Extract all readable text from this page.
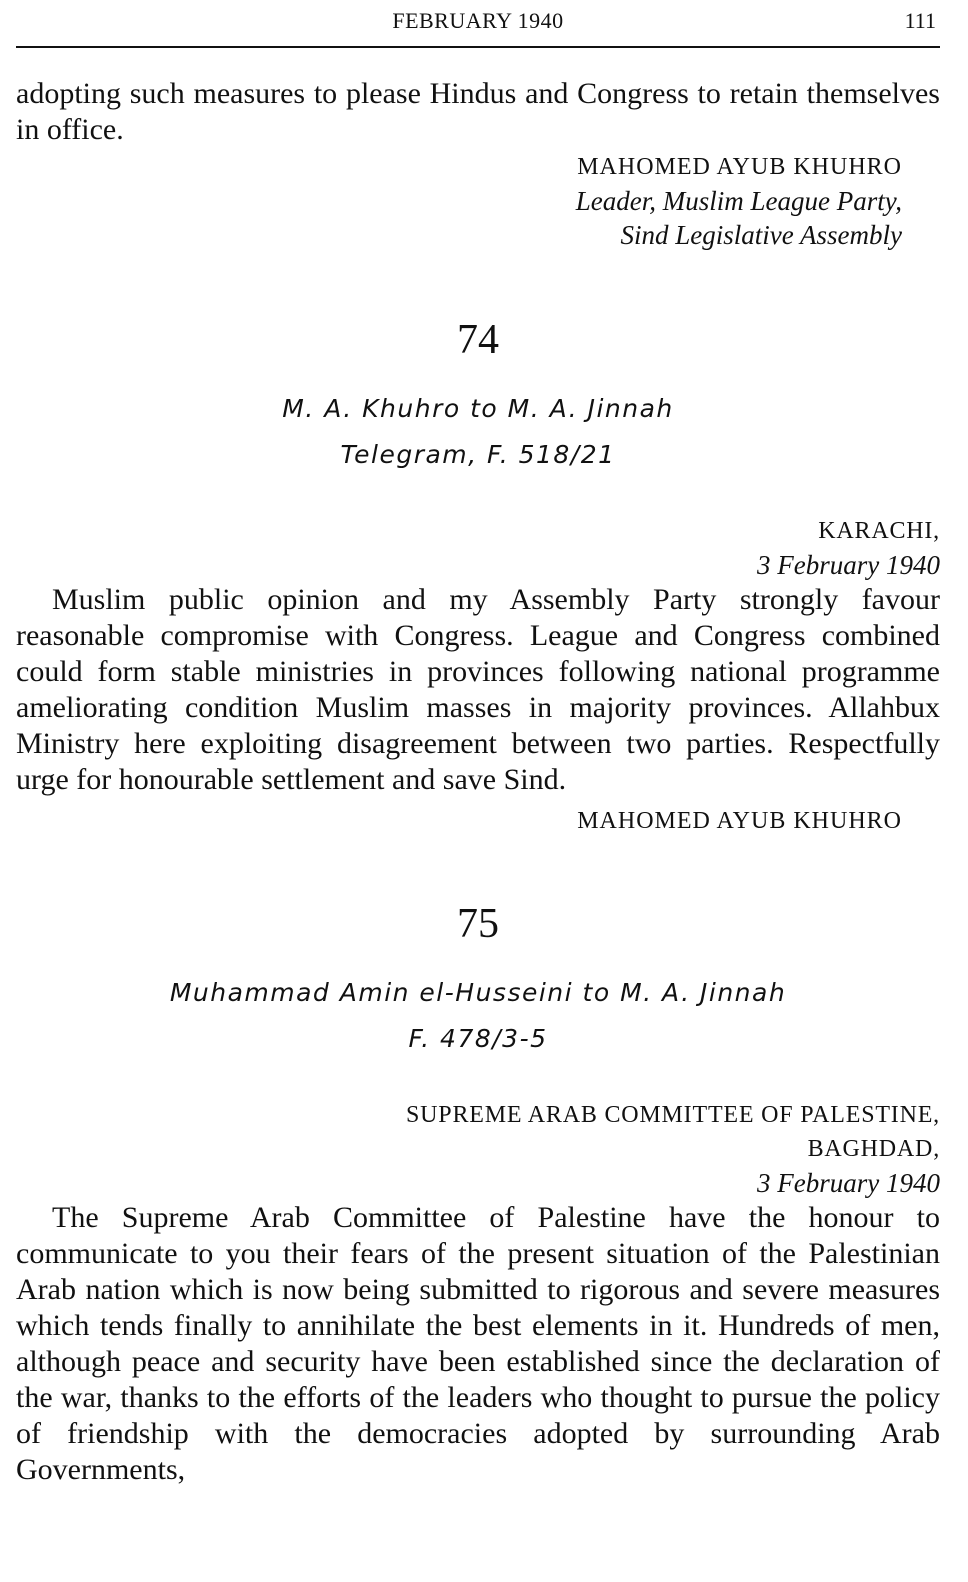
FEBRUARY 1940	111

adopting such measures to please Hindus and Congress to retain themselves in office.

MAHOMED AYUB KHUHRO
Leader, Muslim League Party,
Sind Legislative Assembly
74
M. A. Khuhro to M. A. Jinnah
Telegram, F. 518/21
KARACHI,
3 February 1940

Muslim public opinion and my Assembly Party strongly favour reasonable compromise with Congress. League and Congress combined could form stable ministries in provinces following national programme ameliorating condition Muslim masses in majority provinces. Allahbux Ministry here exploiting disagreement between two parties. Respectfully urge for honourable settlement and save Sind.

MAHOMED AYUB KHUHRO
75
Muhammad Amin el-Husseini to M. A. Jinnah
F. 478/3-5
SUPREME ARAB COMMITTEE OF PALESTINE,
BAGHDAD,
3 February 1940

The Supreme Arab Committee of Palestine have the honour to communicate to you their fears of the present situation of the Palestinian Arab nation which is now being submitted to rigorous and severe measures which tends finally to annihilate the best elements in it. Hundreds of men, although peace and security have been established since the declaration of the war, thanks to the efforts of the leaders who thought to pursue the policy of friendship with the democracies adopted by surrounding Arab Governments,
